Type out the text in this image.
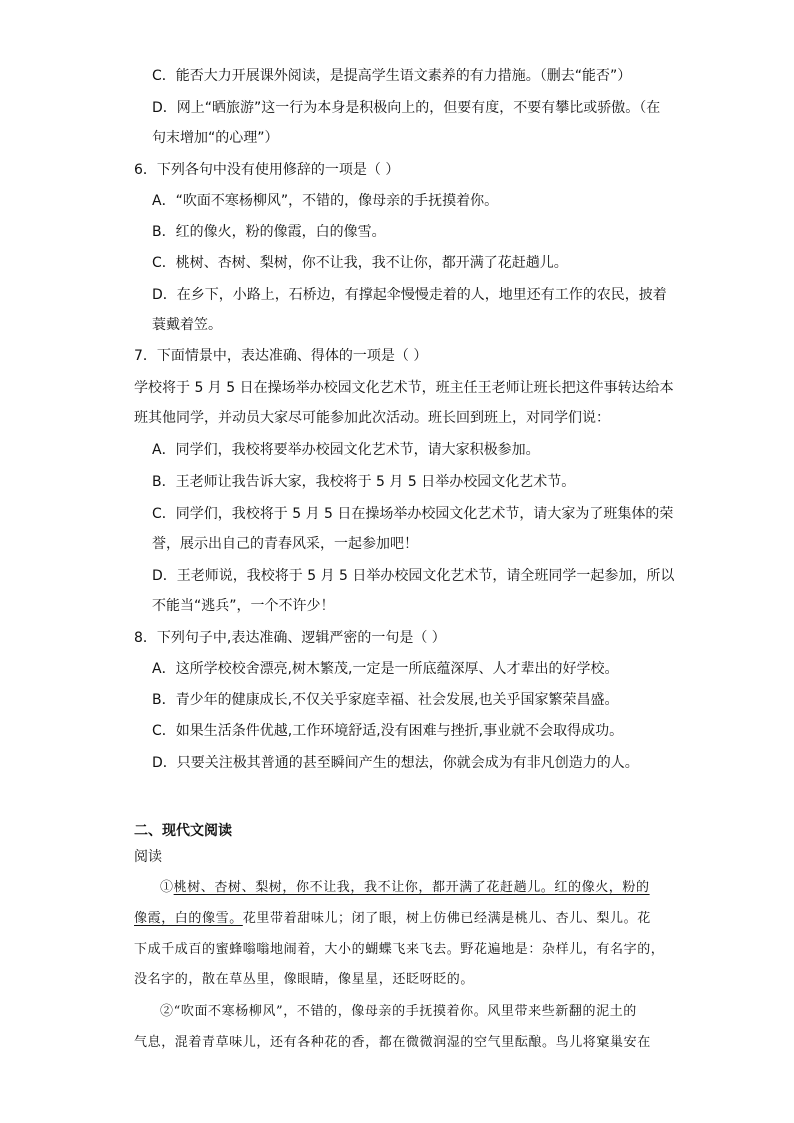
C．能否大力开展课外阅读，是提高学生语文素养的有力措施。（删去“能否”）
D．网上“晒旅游”这一行为本身是积极向上的，但要有度，不要有攀比或骄傲。（在
句末增加“的心理”）
6．下列各句中没有使用修辞的一项是（ ）
A．“吹面不寒杨柳风”，不错的，像母亲的手抚摸着你。
B．红的像火，粉的像霞，白的像雪。
C．桃树、杏树、梨树，你不让我，我不让你，都开满了花赶趟儿。
D．在乡下，小路上，石桥边，有撑起伞慢慢走着的人，地里还有工作的农民，披着
蓑戴着笠。
7．下面情景中，表达准确、得体的一项是（ ）
学校将于 5 月 5 日在操场举办校园文化艺术节，班主任王老师让班长把这件事转达给本
班其他同学，并动员大家尽可能参加此次活动。班长回到班上，对同学们说：
A．同学们，我校将要举办校园文化艺术节，请大家积极参加。
B．王老师让我告诉大家，我校将于 5 月 5 日举办校园文化艺术节。
C．同学们，我校将于 5 月 5 日在操场举办校园文化艺术节，请大家为了班集体的荣
誉，展示出自己的青春风采，一起参加吧！
D．王老师说，我校将于 5 月 5 日举办校园文化艺术节，请全班同学一起参加，所以
不能当“逃兵”，一个不许少！
8．下列句子中,表达准确、逻辑严密的一句是（ ）
A．这所学校校舍漂亮,树木繁茂,一定是一所底蕴深厚、人才辈出的好学校。
B．青少年的健康成长,不仅关乎家庭幸福、社会发展,也关乎国家繁荣昌盛。
C．如果生活条件优越,工作环境舒适,没有困难与挫折,事业就不会取得成功。
D．只要关注极其普通的甚至瞬间产生的想法，你就会成为有非凡创造力的人。
二、现代文阅读
阅读
①桃树、杏树、梨树，你不让我，我不让你，都开满了花赶趟儿。红的像火，粉的
像霞，白的像雪。花里带着甜味儿；闭了眼，树上仿佛已经满是桃儿、杏儿、梨儿。花
下成千成百的蜜蜂嗡嗡地闹着，大小的蝴蝶飞来飞去。野花遍地是：杂样儿，有名字的，
没名字的，散在草丛里，像眼睛，像星星，还眨呀眨的。
②“吹面不寒杨柳风”，不错的，像母亲的手抚摸着你。风里带来些新翻的泥土的
气息，混着青草味儿，还有各种花的香，都在微微润湿的空气里酝酿。鸟儿将窠巢安在
